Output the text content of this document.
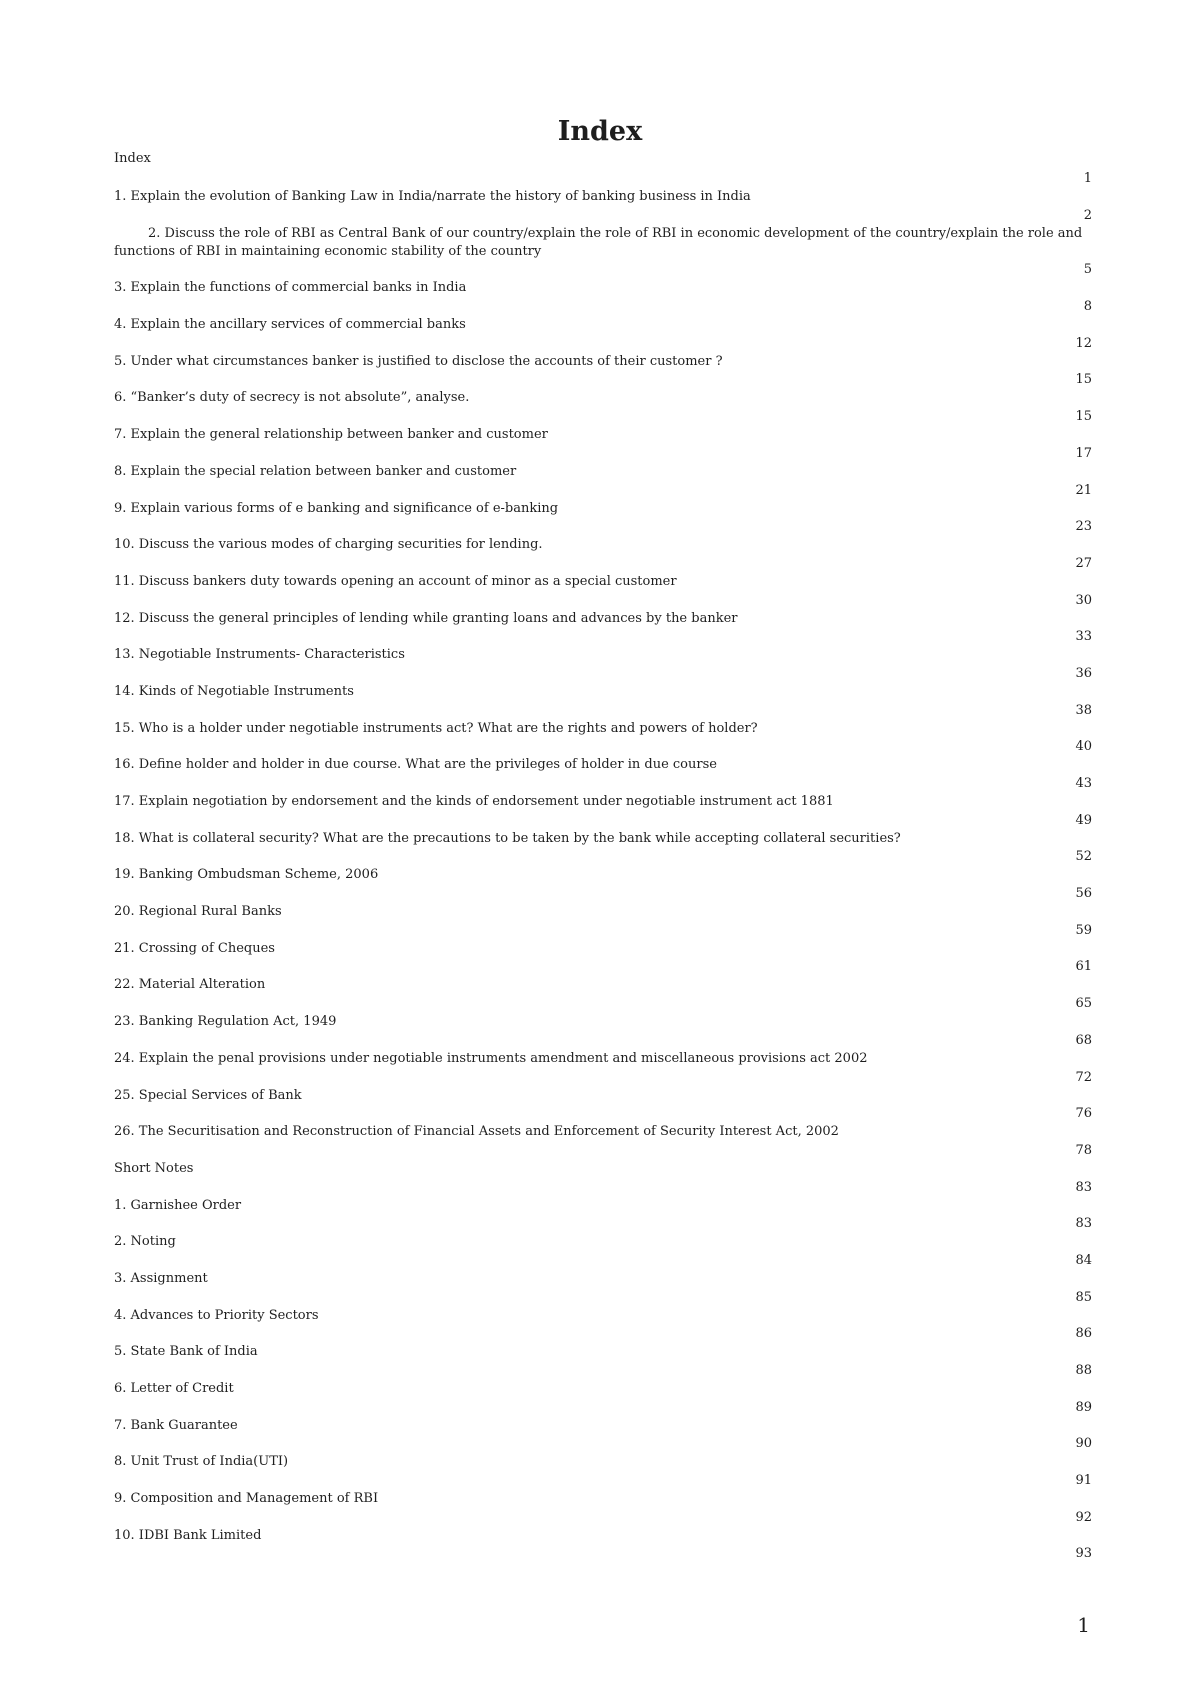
Index
Index
1
1. Explain the evolution of Banking Law in India/narrate the history of banking business in India
2
2. Discuss the role of RBI as Central Bank of our country/explain the role of RBI in economic development of the country/explain the role and functions of RBI in maintaining economic stability of the country
5
3. Explain the functions of commercial banks in India
8
4. Explain the ancillary services of commercial banks
12
5. Under what circumstances banker is justified to disclose the accounts of their customer ?
15
6. “Banker’s duty of secrecy is not absolute”, analyse.
15
7. Explain the general relationship between banker and customer
17
8. Explain the special relation between banker and customer
21
9. Explain various forms of e banking and significance of e-banking
23
10. Discuss the various modes of charging securities for lending.
27
11. Discuss bankers duty towards opening an account of minor as a special customer
30
12. Discuss the general principles of lending while granting loans and advances by the banker
33
13. Negotiable Instruments- Characteristics
36
14. Kinds of Negotiable Instruments
38
15. Who is a holder under negotiable instruments act? What are the rights and powers of holder?
40
16. Define holder and holder in due course. What are the privileges of holder in due course
43
17. Explain negotiation by endorsement and the kinds of endorsement under negotiable instrument act 1881
49
18. What is collateral security? What are the precautions to be taken by the bank while accepting collateral securities?
52
19. Banking Ombudsman Scheme, 2006
56
20. Regional Rural Banks
59
21. Crossing of Cheques
61
22. Material Alteration
65
23. Banking Regulation Act, 1949
68
24. Explain the penal provisions under negotiable instruments amendment and miscellaneous provisions act 2002
72
25. Special Services of Bank
76
26. The Securitisation and Reconstruction of Financial Assets and Enforcement of Security Interest Act, 2002
78
Short Notes
83
1. Garnishee Order
83
2. Noting
84
3. Assignment
85
4. Advances to Priority Sectors
86
5. State Bank of India
88
6. Letter of Credit
89
7. Bank Guarantee
90
8. Unit Trust of India(UTI)
91
9. Composition and Management of RBI
92
10. IDBI Bank Limited
93
1
